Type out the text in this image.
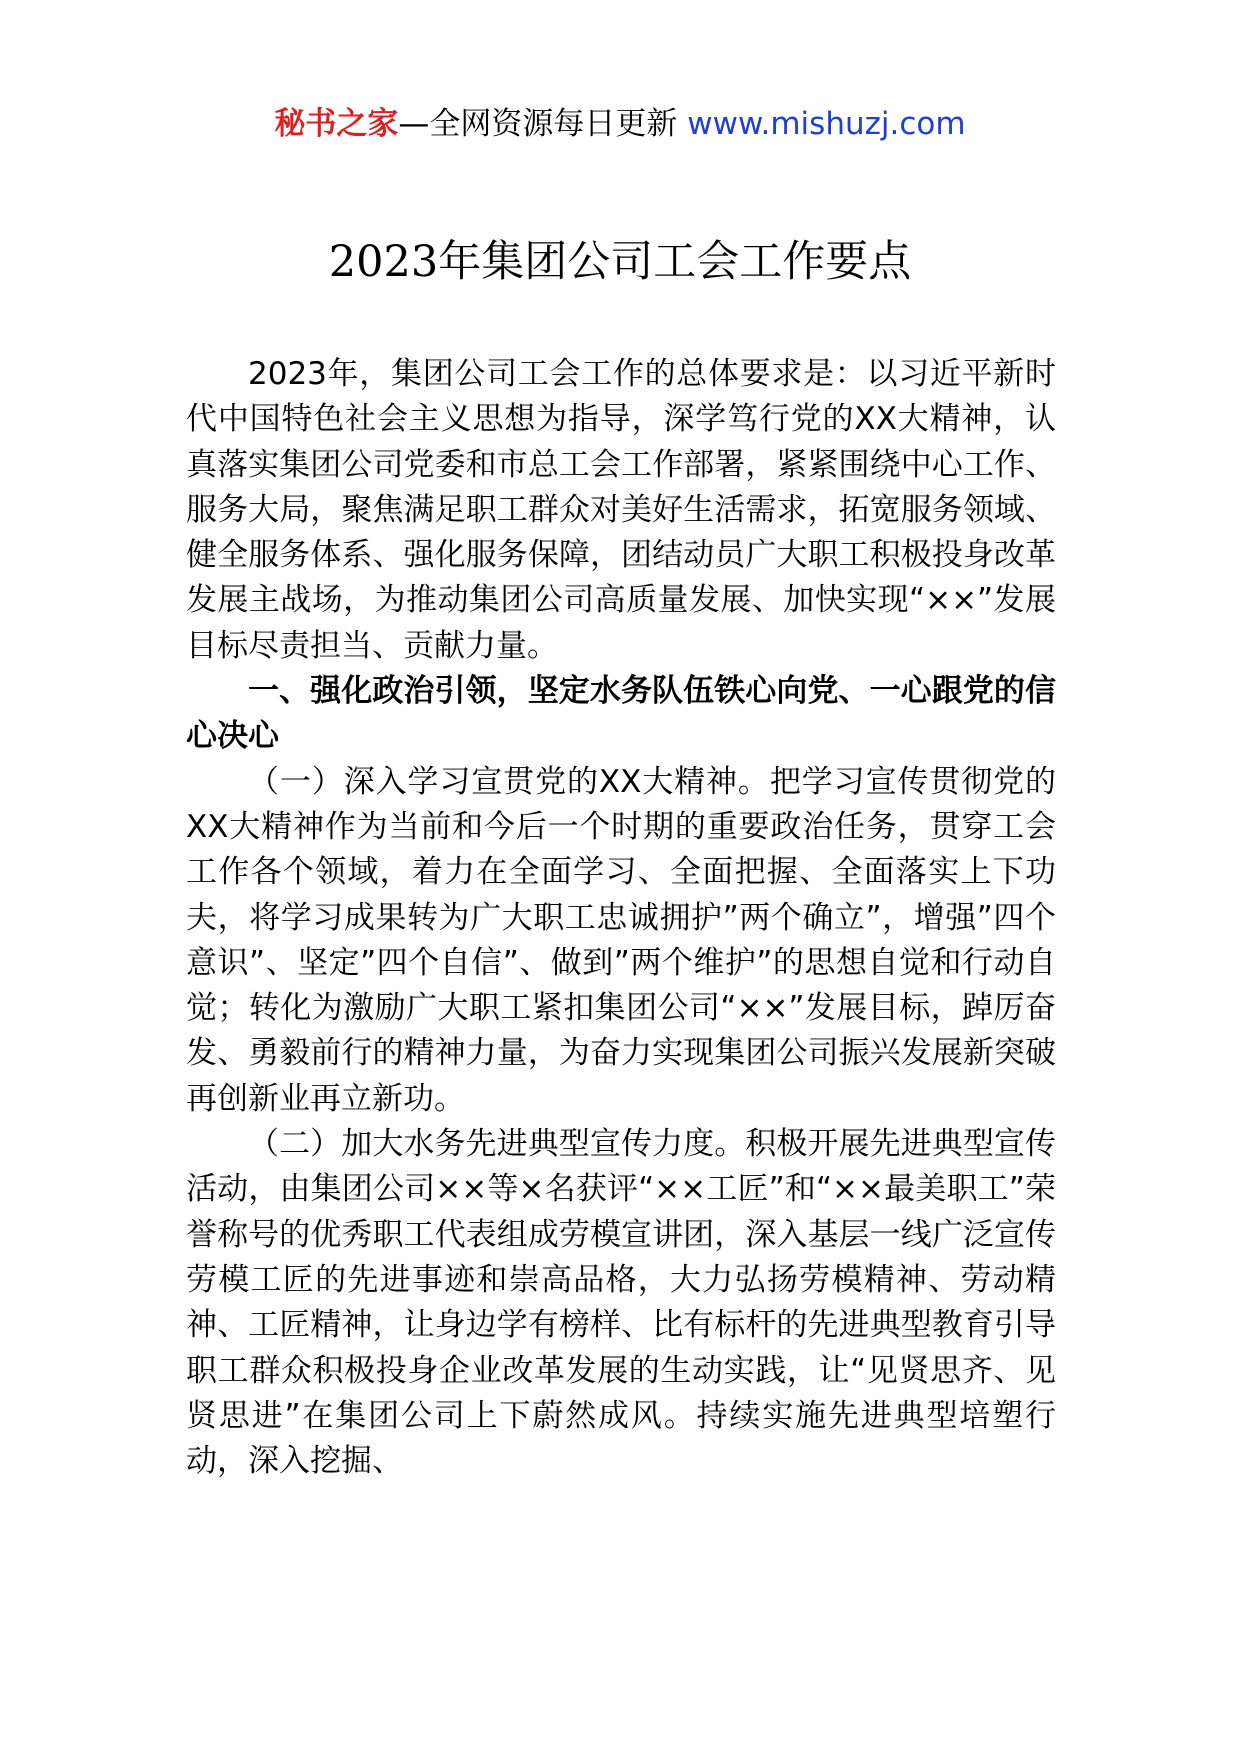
秘书之家—全网资源每日更新 www.mishuzj.com
2023年集团公司工会工作要点

2023年，集团公司工会工作的总体要求是：以习近平新时代中国特色社会主义思想为指导，深学笃行党的XX大精神，认真落实集团公司党委和市总工会工作部署，紧紧围绕中心工作、服务大局，聚焦满足职工群众对美好生活需求，拓宽服务领域、健全服务体系、强化服务保障，团结动员广大职工积极投身改革发展主战场，为推动集团公司高质量发展、加快实现“××”发展目标尽责担当、贡献力量。

一、强化政治引领，坚定水务队伍铁心向党、一心跟党的信心决心

（一）深入学习宣贯党的XX大精神。把学习宣传贯彻党的XX大精神作为当前和今后一个时期的重要政治任务，贯穿工会工作各个领域，着力在全面学习、全面把握、全面落实上下功夫，将学习成果转为广大职工忠诚拥护”两个确立”，增强”四个意识”、坚定”四个自信”、做到”两个维护”的思想自觉和行动自觉；转化为激励广大职工紧扣集团公司“××”发展目标，踔厉奋发、勇毅前行的精神力量，为奋力实现集团公司振兴发展新突破再创新业再立新功。

（二）加大水务先进典型宣传力度。积极开展先进典型宣传活动，由集团公司××等×名获评“××工匠”和“××最美职工”荣誉称号的优秀职工代表组成劳模宣讲团，深入基层一线广泛宣传劳模工匠的先进事迹和崇高品格，大力弘扬劳模精神、劳动精神、工匠精神，让身边学有榜样、比有标杆的先进典型教育引导职工群众积极投身企业改革发展的生动实践，让“见贤思齐、见贤思进”在集团公司上下蔚然成风。持续实施先进典型培塑行动，深入挖掘、
